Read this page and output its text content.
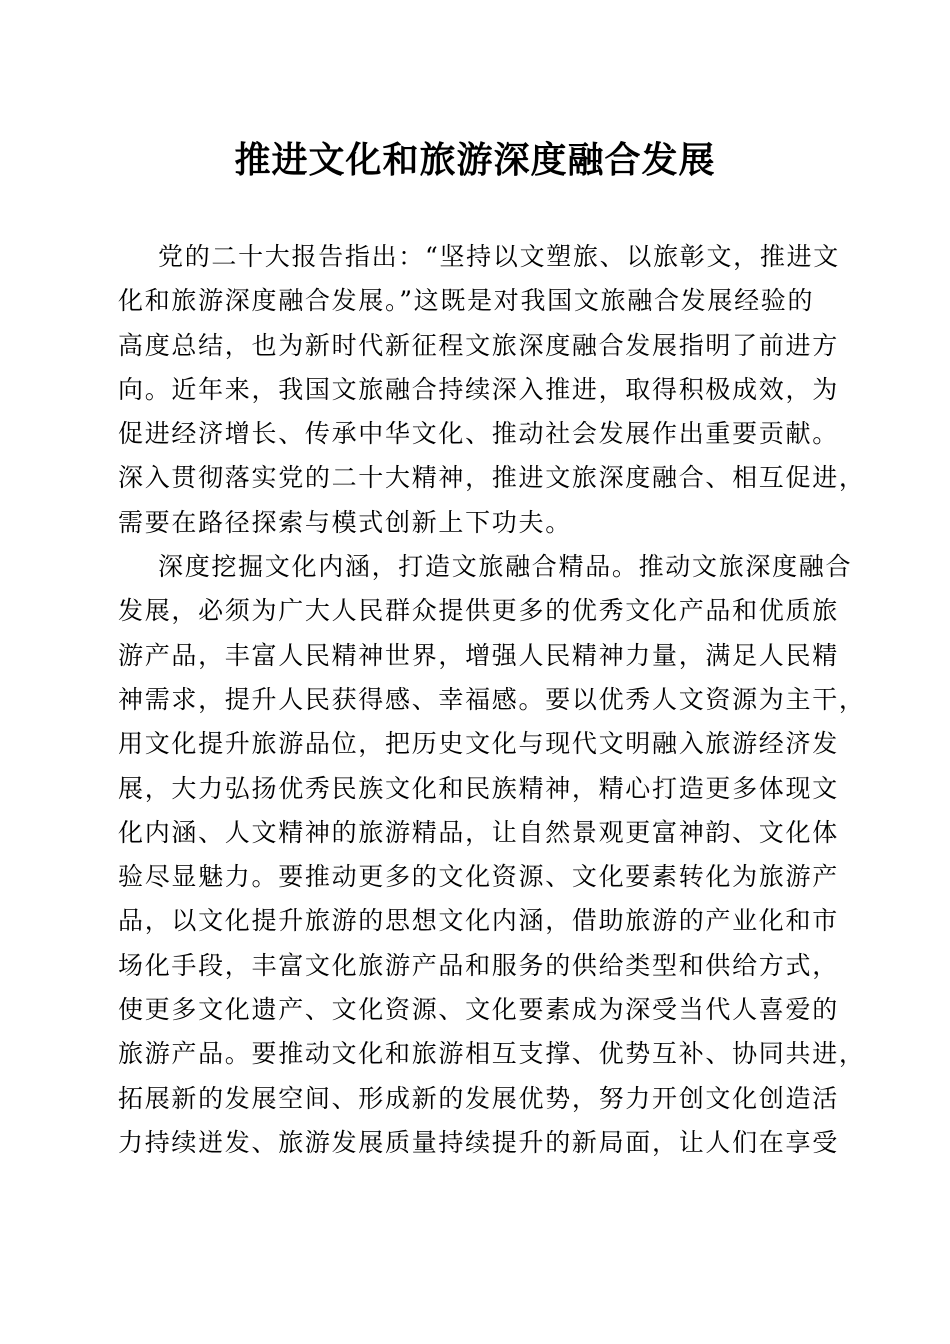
推进文化和旅游深度融合发展
党的二十大报告指出：“坚持以文塑旅、以旅彰文，推进文
化和旅游深度融合发展。”这既是对我国文旅融合发展经验的
高度总结，也为新时代新征程文旅深度融合发展指明了前进方
向。近年来，我国文旅融合持续深入推进，取得积极成效，为
促进经济增长、传承中华文化、推动社会发展作出重要贡献。
深入贯彻落实党的二十大精神，推进文旅深度融合、相互促进，
需要在路径探索与模式创新上下功夫。
深度挖掘文化内涵，打造文旅融合精品。推动文旅深度融合
发展，必须为广大人民群众提供更多的优秀文化产品和优质旅
游产品，丰富人民精神世界，增强人民精神力量，满足人民精
神需求，提升人民获得感、幸福感。要以优秀人文资源为主干，
用文化提升旅游品位，把历史文化与现代文明融入旅游经济发
展，大力弘扬优秀民族文化和民族精神，精心打造更多体现文
化内涵、人文精神的旅游精品，让自然景观更富神韵、文化体
验尽显魅力。要推动更多的文化资源、文化要素转化为旅游产
品，以文化提升旅游的思想文化内涵，借助旅游的产业化和市
场化手段，丰富文化旅游产品和服务的供给类型和供给方式，
使更多文化遗产、文化资源、文化要素成为深受当代人喜爱的
旅游产品。要推动文化和旅游相互支撑、优势互补、协同共进，
拓展新的发展空间、形成新的发展优势，努力开创文化创造活
力持续迸发、旅游发展质量持续提升的新局面，让人们在享受
